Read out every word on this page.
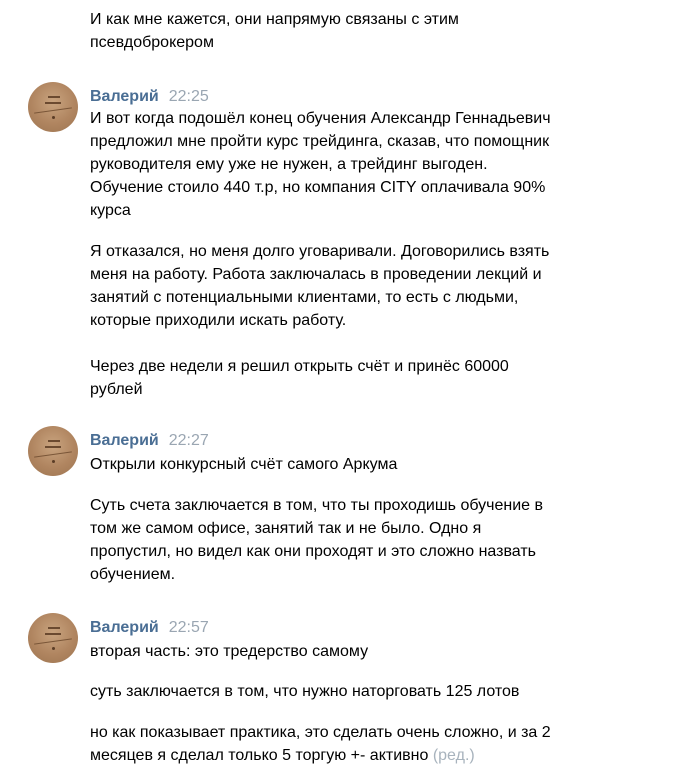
И как мне кажется, они напрямую связаны с этим

псевдоброкером

Валерий 22:25

И вот когда подошёл конец обучения Александр Геннадьевич
предложил мне пройти курс трейдинга, сказав, что помощник
руководителя ему уже не нужен, а трейдинг выгоден.
Обучение стоило 440 т.р, но компания CITY оплачивала 90%
курса

Я отказался, но меня долго уговаривали. Договорились взять
меня на работу. Работа заключалась в проведении лекций и
занятий с потенциальными клиентами, то есть с людьми,
которые приходили искать работу.

Через две недели я решил открыть счёт и принёс 60000
рублей

Валерий 22:27

Открыли конкурсный счёт самого Аркума

Суть счета заключается в том, что ты проходишь обучение в
том же самом офисе, занятий так и не было. Одно я
пропустил, но видел как они проходят и это сложно назвать
обучением.

Валерий 22:57

вторая часть: это тредерство самому

суть заключается в том, что нужно наторговать 125 лотов

но как показывает практика, это сделать очень сложно, и за 2
месяцев я сделал только 5 торгую +- активно (ред.)
